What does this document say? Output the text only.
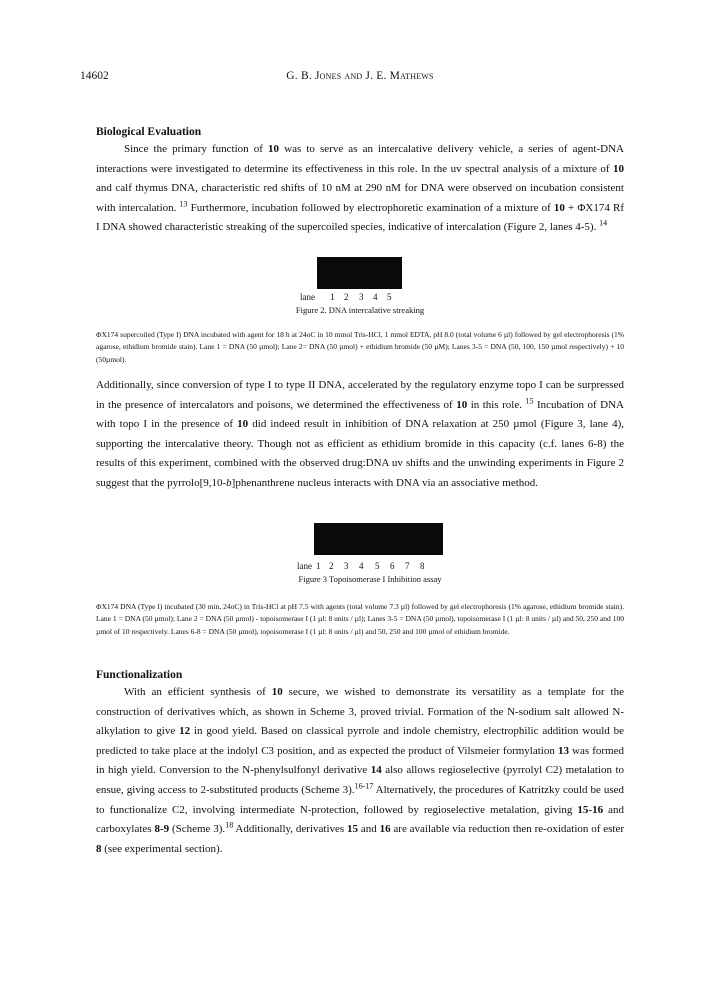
14602	G. B. Jones and J. E. Mathews
Biological Evaluation

Since the primary function of 10 was to serve as an intercalative delivery vehicle, a series of agent-DNA interactions were investigated to determine its effectiveness in this role. In the uv spectral analysis of a mixture of 10 and calf thymus DNA, characteristic red shifts of 10 nM at 290 nM for DNA were observed on incubation consistent with intercalation. $^{13}$ Furthermore, incubation followed by electrophoretic examination of a mixture of 10 + ΦX174 Rf I DNA showed characteristic streaking of the supercoiled species, indicative of intercalation (Figure 2, lanes 4-5). $^{14}$

lane 1 2 3 4 5
Figure 2. DNA intercalative streaking

ΦX174 supercoiled (Type I) DNA incubated with agent for 18 h at 24oC in 10 mmol Tris-HCl, 1 mmol EDTA, pH 8.0 (total volume 6 µl) followed by gel electrophoresis (1% agarose, ethidium bromide stain). Lane 1 = DNA (50 µmol); Lane 2= DNA (50 µmol) + ethidium bromide (50 µM); Lanes 3-5 = DNA (50, 100, 150 µmol respectively) + 10 (50µmol).

Additionally, since conversion of type I to type II DNA, accelerated by the regulatory enzyme topo I can be surpressed in the presence of intercalators and poisons, we determined the effectiveness of 10 in this role. $^{15}$ Incubation of DNA with topo I in the presence of 10 did indeed result in inhibition of DNA relaxation at 250 µmol (Figure 3, lane 4), supporting the intercalative theory. Though not as efficient as ethidium bromide in this capacity (c.f. lanes 6-8) the results of this experiment, combined with the observed drug:DNA uv shifts and the unwinding experiments in Figure 2 suggest that the pyrrolo[9,10-b]phenanthrene nucleus interacts with DNA via an associative method.

lane 1 2 3 4 5 6 7 8
Figure 3 Topoisomerase I Inhibition assay

ΦX174 DNA (Type I) incubated (30 min, 24oC) in Tris-HCl at pH 7.5 with agents (total volume 7.3 µl) followed by gel electrophoresis (1% agarose, ethidium bromide stain). Lane 1 = DNA (50 µmol); Lane 2 = DNA (50 µmol) - topoisomerase I (1 µl: 8 units / µl); Lanes 3-5 = DNA (50 µmol), topoisomerase I (1 µl: 8 units / µl) and 50, 250 and 100 µmol of 10 respectively. Lanes 6-8 = DNA (50 µmol), topoisomerase I (1 µl: 8 units / µl) and 50, 250 and 100 µmol of ethidium bromide.

Functionalization

With an efficient synthesis of 10 secure, we wished to demonstrate its versatility as a template for the construction of derivatives which, as shown in Scheme 3, proved trivial. Formation of the N-sodium salt allowed N-alkylation to give 12 in good yield. Based on classical pyrrole and indole chemistry, electrophilic addition would be predicted to take place at the indolyl C3 position, and as expected the product of Vilsmeier formylation 13 was formed in high yield. Conversion to the N-phenylsulfonyl derivative 14 also allows regioselective (pyrrolyl C2) metalation to ensue, giving access to 2-substituted products (Scheme 3).$^{16-17}$ Alternatively, the procedures of Katritzky could be used to functionalize C2, involving intermediate N-protection, followed by regioselective metalation, giving 15-16 and carboxylates 8-9 (Scheme 3).$^{18}$ Additionally, derivatives 15 and 16 are available via reduction then re-oxidation of ester 8 (see experimental section).
